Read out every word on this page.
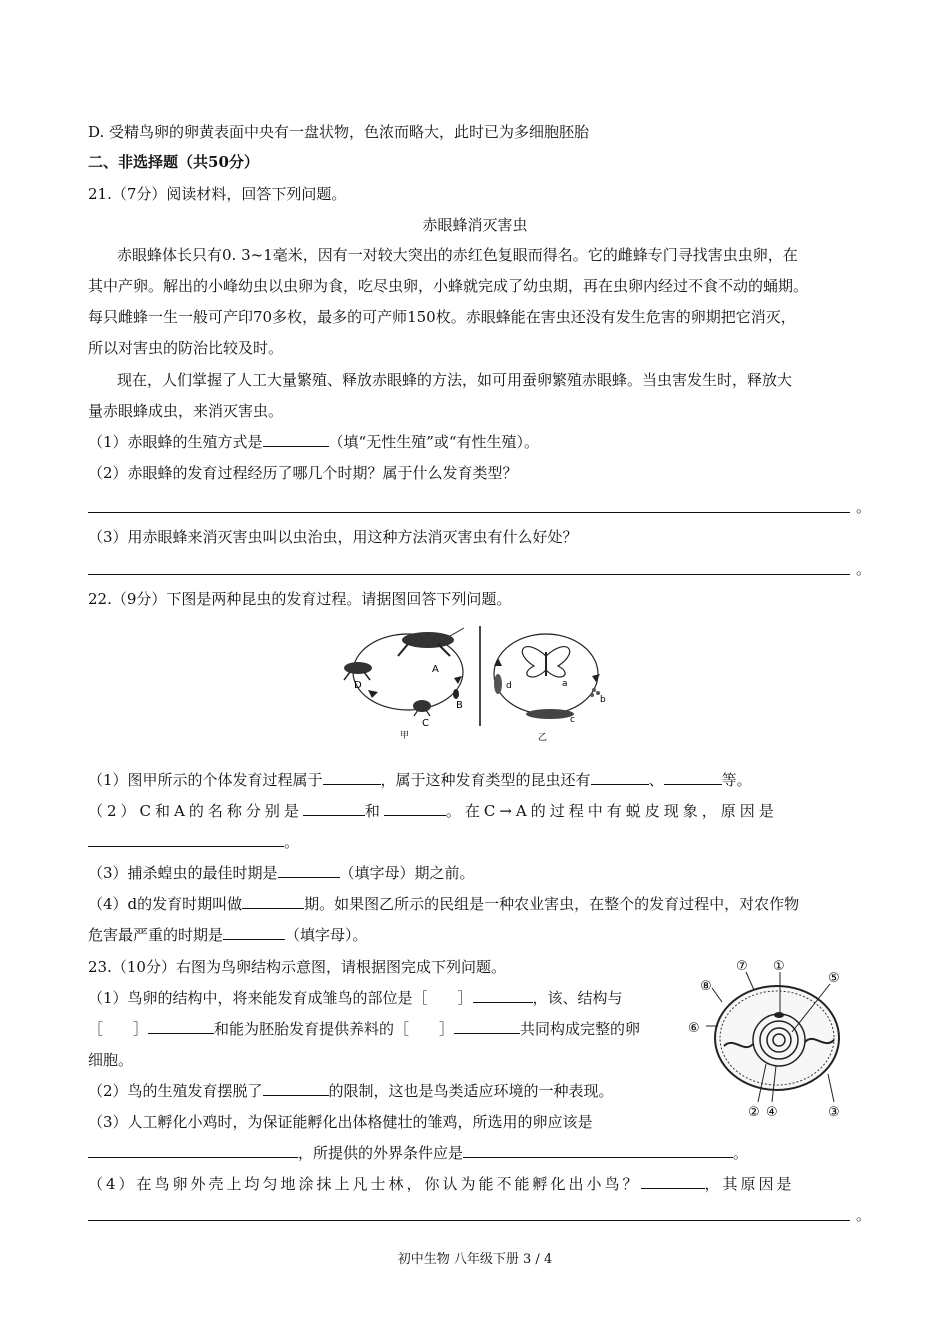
D. 受精鸟卵的卵黄表面中央有一盘状物，色浓而略大，此时已为多细胞胚胎
二、非选择题（共50分）
21.（7分）阅读材料，回答下列问题。
赤眼蜂消灭害虫
赤眼蜂体长只有0. 3~1毫米，因有一对较大突出的赤红色复眼而得名。它的雌蜂专门寻找害虫虫卵，在
其中产卵。解出的小峰幼虫以虫卵为食，吃尽虫卵，小蜂就完成了幼虫期，再在虫卵内经过不食不动的蛹期。
每只雌蜂一生一般可产印70多枚，最多的可产师150枚。赤眼蜂能在害虫还没有发生危害的卵期把它消灭，
所以对害虫的防治比较及时。
现在，人们掌握了人工大量繁殖、释放赤眼蜂的方法，如可用蚕卵繁殖赤眼蜂。当虫害发生时，释放大
量赤眼蜂成虫，来消灭害虫。
（1）赤眼蜂的生殖方式是	（填“无性生殖”或“有性生殖）。
（2）赤眼蜂的发育过程经历了哪几个时期？属于什么发育类型？
。
（3）用赤眼蜂来消灭害虫叫以虫治虫，用这种方法消灭害虫有什么好处？
。
22.（9分）下图是两种昆虫的发育过程。请据图回答下列问题。
A
B
C
D
甲
a
b
c
d
乙
（1）图甲所示的个体发育过程属于	，属于这种发育类型的昆虫还有	、	等。
（2）C和A的名称分别是	和	。在C→A的过程中有蜕皮现象，原因是
。
（3）捕杀蝗虫的最佳时期是	（填字母）期之前。
（4）d的发育时期叫做	期。如果图乙所示的民组是一种农业害虫，在整个的发育过程中，对农作物
危害最严重的时期是	（填字母）。
23.（10分）右图为鸟卵结构示意图，请根据图完成下列问题。
（1）鸟卵的结构中，将来能发育成雏鸟的部位是［　　］	，该、结构与
［　　］	和能为胚胎发育提供养料的［　　］	共同构成完整的卵
细胞。
（2）鸟的生殖发育摆脱了	的限制，这也是鸟类适应环境的一种表现。
（3）人工孵化小鸡时，为保证能孵化出体格健壮的雏鸡，所选用的卵应该是
，所提供的外界条件应是	。
（4）在鸟卵外壳上均匀地涂抹上凡士林，你认为能不能孵化出小鸟？	，其原因是
。
⑦ ①
⑧
⑤
⑥
② ④	③
初中生物 八年级下册 3 / 4
